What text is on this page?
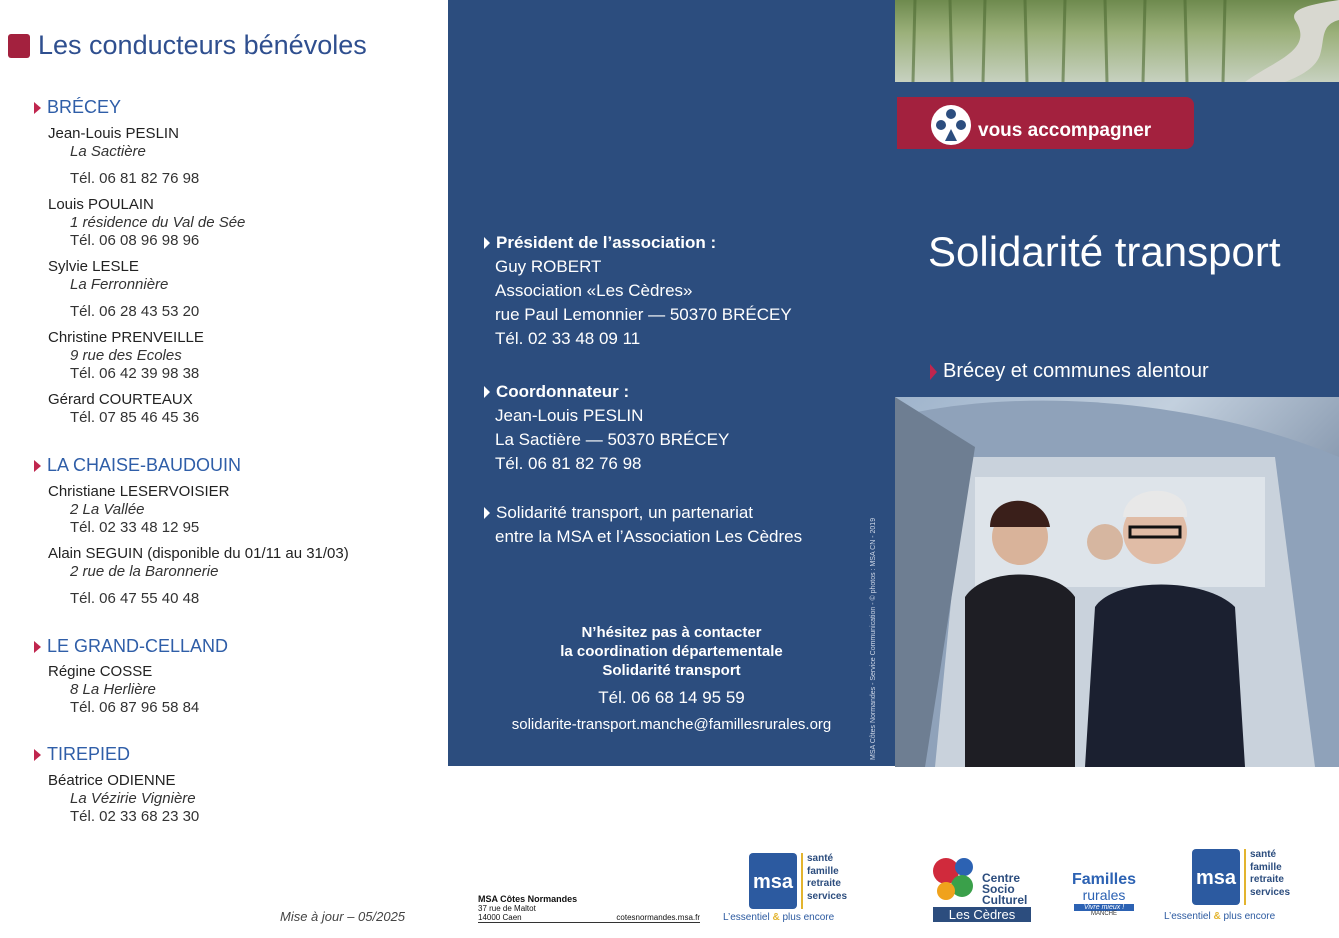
Les conducteurs bénévoles
BRÉCEY
Jean-Louis PESLIN
La Sactière
Tél. 06 81 82 76 98
Louis POULAIN
1 résidence du Val de Sée
Tél. 06 08 96 98 96
Sylvie LESLE
La Ferronnière
Tél. 06 28 43 53 20
Christine PRENVEILLE
9 rue des Ecoles
Tél. 06 42 39 98 38
Gérard COURTEAUX
Tél. 07 85 46 45 36
LA CHAISE-BAUDOUIN
Christiane LESERVOISIER
2 La Vallée
Tél. 02 33 48 12 95
Alain SEGUIN (disponible du 01/11 au 31/03)
2 rue de la Baronnerie
Tél. 06 47 55 40 48
LE GRAND-CELLAND
Régine COSSE
8 La Herlière
Tél. 06 87 96 58 84
TIREPIED
Béatrice ODIENNE
La Vézirie Vignière
Tél. 02 33 68 23 30
Mise à jour – 05/2025
Président de l’association :
Guy ROBERT
Association «Les Cèdres»
rue Paul Lemonnier — 50370 BRÉCEY
Tél. 02 33 48 09 11
Coordonnateur :
Jean-Louis PESLIN
La Sactière — 50370 BRÉCEY
Tél. 06 81 82 76 98
Solidarité transport, un partenariat
entre la MSA et l’Association Les Cèdres
N’hésitez pas à contacter
la coordination départementale
Solidarité transport
Tél. 06 68 14 95 59
solidarite-transport.manche@famillesrurales.org	MSA Côtes Normandes - Service Communication - © photos : MSA CN - 2019
vous accompagner
Solidarité transport
Brécey et communes alentour
MSA Côtes Normandes
37 rue de Maltot
14000 Caen	cotesnormandes.msa.fr
msa
santé
famille
retraite
services
L’essentiel & plus encore
Centre
Socio
Culturel
Les Cèdres
Familles
rurales
Vivre mieux !
MANCHE
msa
santé
famille
retraite
services
L’essentiel & plus encore
